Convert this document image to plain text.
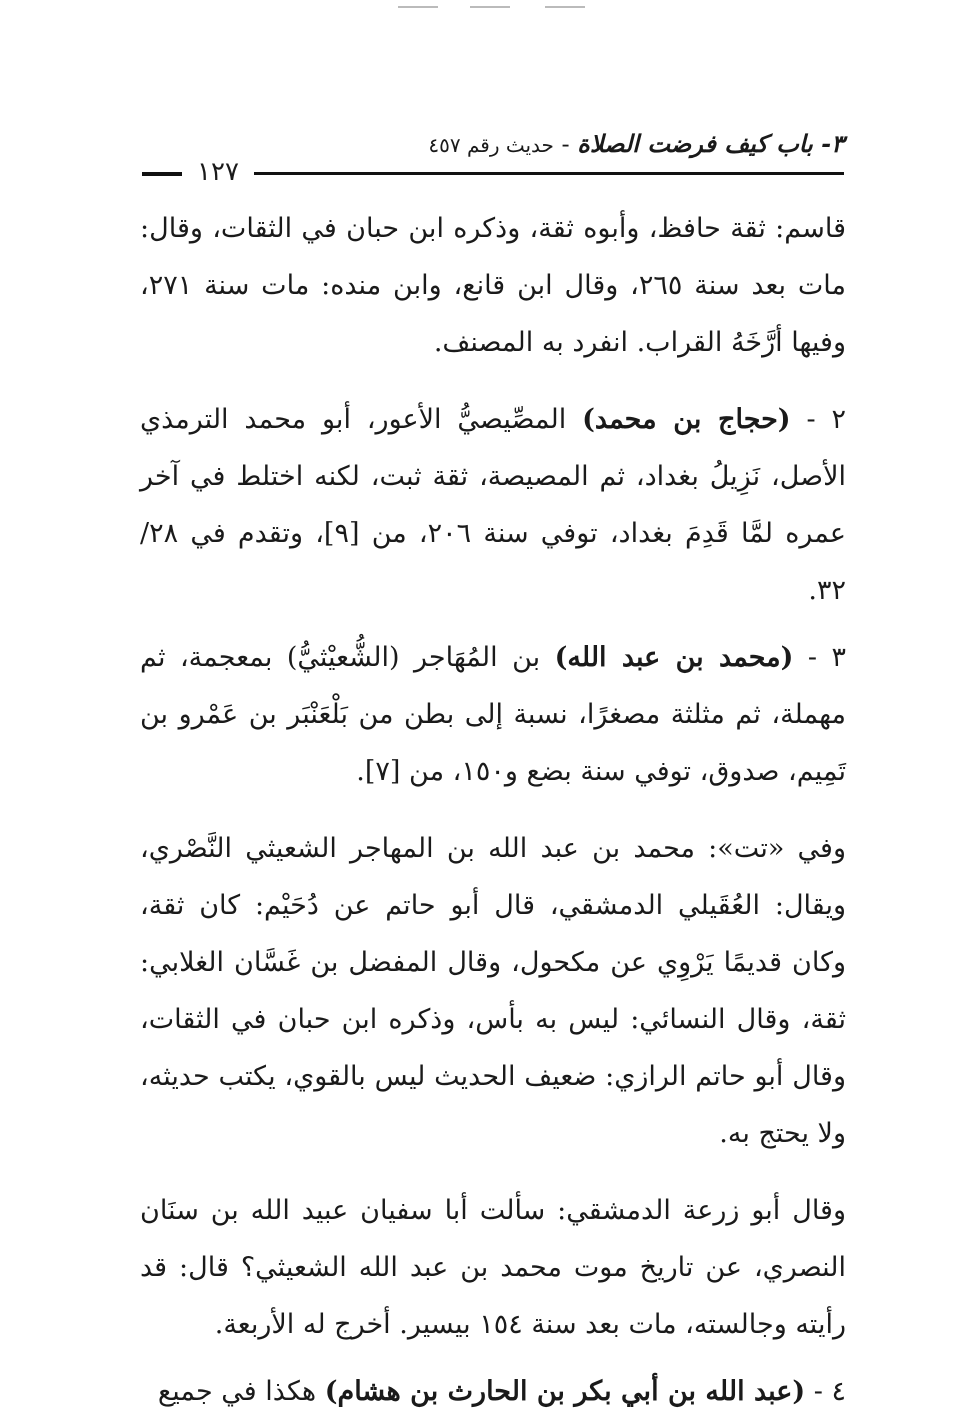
٣- باب كيف فرضت الصلاة - حديث رقم ٤٥٧
١٢٧

قاسم: ثقة حافظ، وأبوه ثقة، وذكره ابن حبان في الثقات، وقال: مات بعد سنة ٢٦٥، وقال ابن قانع، وابن منده: مات سنة ٢٧١، وفيها أرَّخَهُ القراب. انفرد به المصنف.

٢ - (حجاج بن محمد) المصِّيصيُّ الأعور، أبو محمد الترمذي الأصل، نَزِيلُ بغداد، ثم المصيصة، ثقة ثبت، لكنه اختلط في آخر عمره لمَّا قَدِمَ بغداد، توفي سنة ٢٠٦، من [٩]، وتقدم في ٢٨/ ٣٢.

٣ - (محمد بن عبد الله) بن المُهَاجر (الشُّعيْثيُّ) بمعجمة، ثم مهملة، ثم مثلثة مصغرًا، نسبة إلى بطن من بَلْعَنْبَر بن عَمْرو بن تَمِيم، صدوق، توفي سنة بضع و١٥٠، من [٧].

وفي «تت»: محمد بن عبد الله بن المهاجر الشعيثي النَّصْري، ويقال: العُقَيلي الدمشقي، قال أبو حاتم عن دُحَيْم: كان ثقة، وكان قديمًا يَرْوِي عن مكحول، وقال المفضل بن غَسَّان الغلابي: ثقة، وقال النسائي: ليس به بأس، وذكره ابن حبان في الثقات، وقال أبو حاتم الرازي: ضعيف الحديث ليس بالقوي، يكتب حديثه، ولا يحتج به.

وقال أبو زرعة الدمشقي: سألت أبا سفيان عبيد الله بن سنَان النصري، عن تاريخ موت محمد بن عبد الله الشعيثي؟ قال: قد رأيته وجالسته، مات بعد سنة ١٥٤ بيسير. أخرج له الأربعة.

٤ - (عبد الله بن أبي بكر بن الحارث بن هشام) هكذا في جميع
